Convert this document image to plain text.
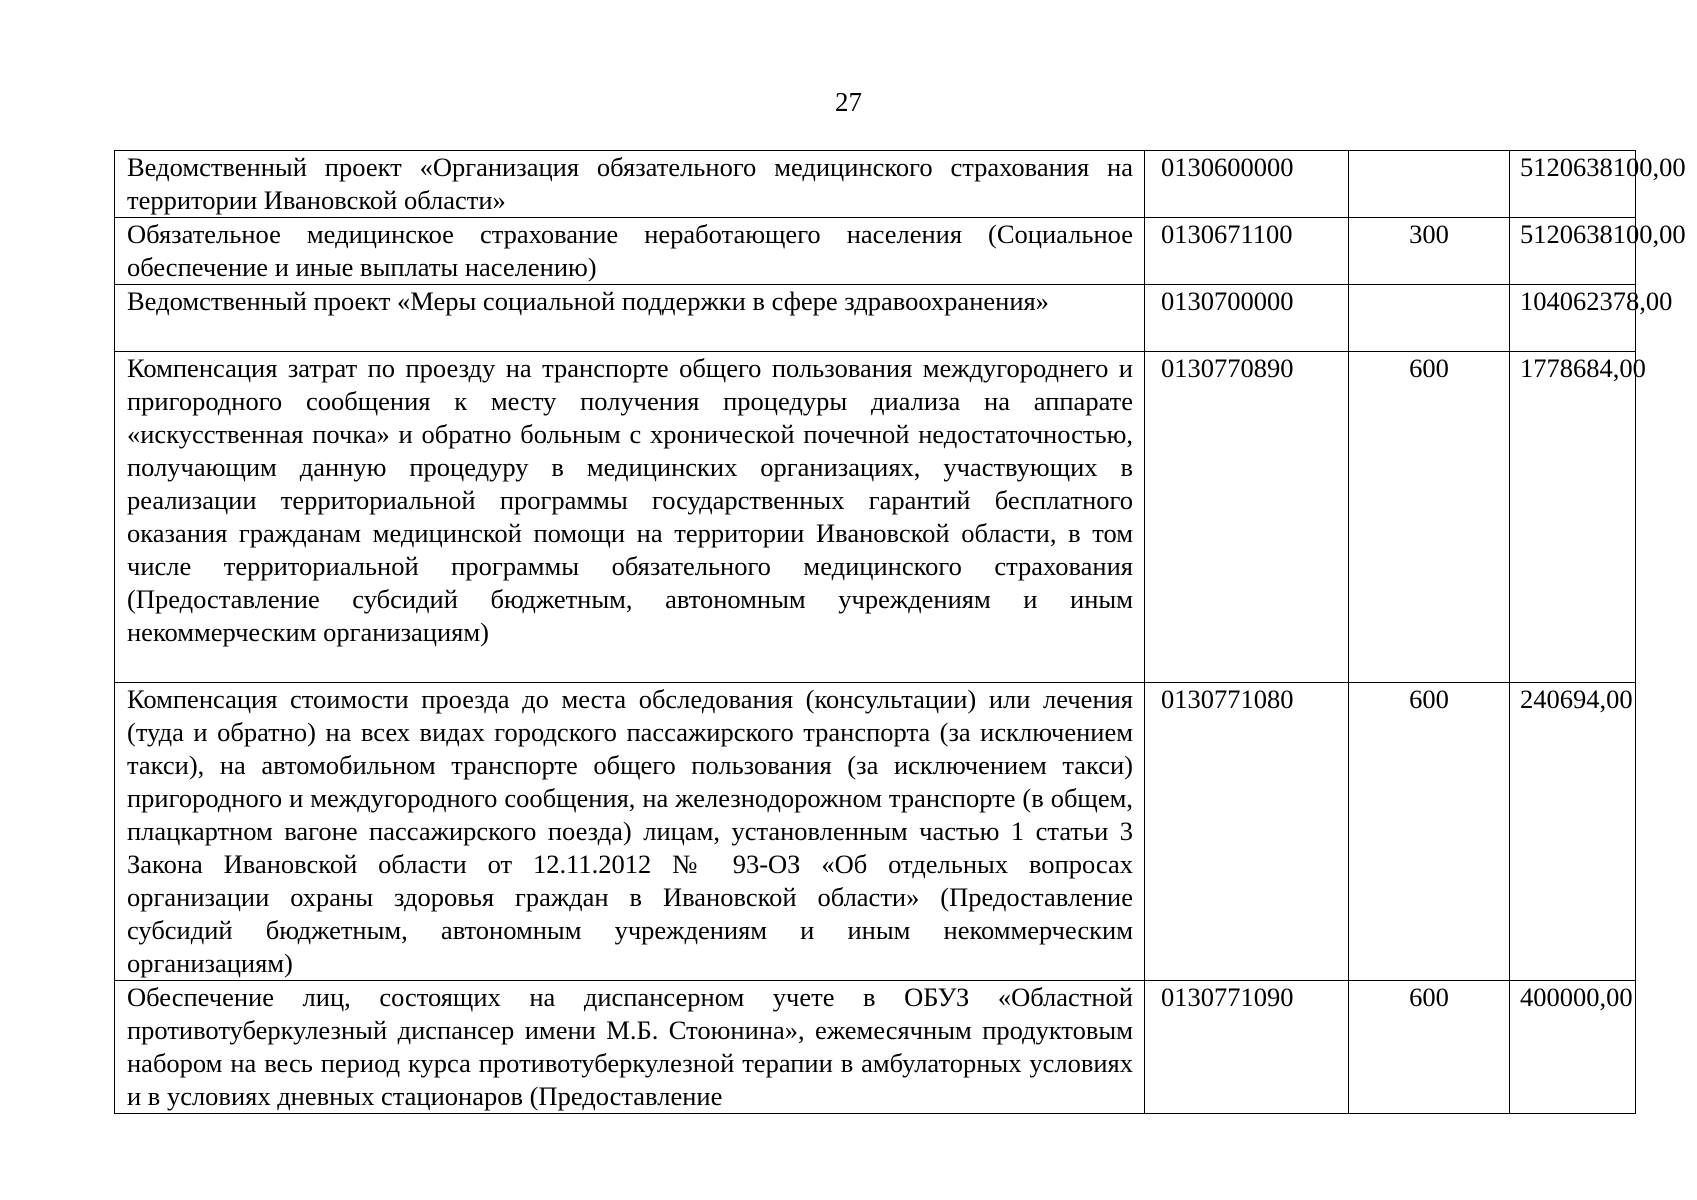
27
Ведомственный проект «Организация обязательного медицинского страхования на территории Ивановской области»	0130600000		5120638100,00
Обязательное медицинское страхование неработающего населения (Социальное обеспечение и иные выплаты населению)	0130671100	300	5120638100,00
Ведомственный проект «Меры социальной поддержки в сфере здравоохранения»	0130700000		104062378,00
Компенсация затрат по проезду на транспорте общего пользования междугороднего и пригородного сообщения к месту получения процедуры диализа на аппарате «искусственная почка» и обратно больным с хронической почечной недостаточностью, получающим данную процедуру в медицинских организациях, участвующих в реализации территориальной программы государственных гарантий бесплатного оказания гражданам медицинской помощи на территории Ивановской области, в том числе территориальной программы обязательного медицинского страхования (Предоставление субсидий бюджетным, автономным учреждениям и иным некоммерческим организациям)	0130770890	600	1778684,00
Компенсация стоимости проезда до места обследования (консультации) или лечения (туда и обратно) на всех видах городского пассажирского транспорта (за исключением такси), на автомобильном транспорте общего пользования (за исключением такси) пригородного и междугородного сообщения, на железнодорожном транспорте (в общем, плацкартном вагоне пассажирского поезда) лицам, установленным частью 1 статьи 3 Закона Ивановской области от 12.11.2012 № 93-ОЗ «Об отдельных вопросах организации охраны здоровья граждан в Ивановской области» (Предоставление субсидий бюджетным, автономным учреждениям и иным некоммерческим организациям)	0130771080	600	240694,00
Обеспечение лиц, состоящих на диспансерном учете в ОБУЗ «Областной противотуберкулезный диспансер имени М.Б. Стоюнина», ежемесячным продуктовым набором на весь период курса противотуберкулезной терапии в амбулаторных условиях и в условиях дневных стационаров (Предоставление	0130771090	600	400000,00
